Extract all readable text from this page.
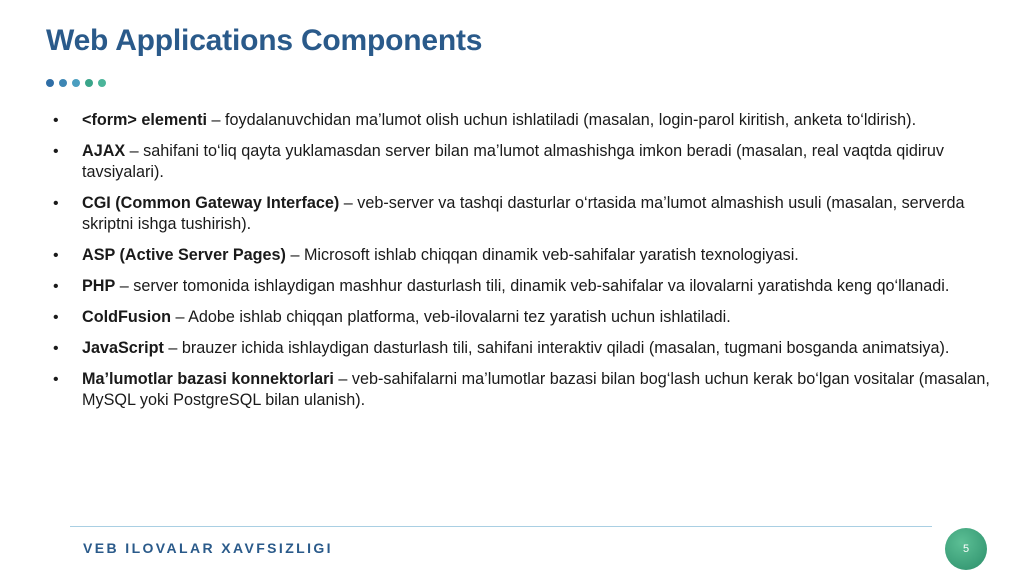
Web Applications Components
• <form> elementi – foydalanuvchidan ma’lumot olish uchun ishlatiladi (masalan, login-parol kiritish, anketa to‘ldirish).
• AJAX – sahifani to‘liq qayta yuklamasdan server bilan ma’lumot almashishga imkon beradi (masalan, real vaqtda qidiruv tavsiyalari).
• CGI (Common Gateway Interface) – veb-server va tashqi dasturlar o‘rtasida ma’lumot almashish usuli (masalan, serverda skriptni ishga tushirish).
• ASP (Active Server Pages) – Microsoft ishlab chiqqan dinamik veb-sahifalar yaratish texnologiyasi.
• PHP – server tomonida ishlaydigan mashhur dasturlash tili, dinamik veb-sahifalar va ilovalarni yaratishda keng qo‘llanadi.
• ColdFusion – Adobe ishlab chiqqan platforma, veb-ilovalarni tez yaratish uchun ishlatiladi.
• JavaScript – brauzer ichida ishlaydigan dasturlash tili, sahifani interaktiv qiladi (masalan, tugmani bosganda animatsiya).
• Ma’lumotlar bazasi konnektorlari – veb-sahifalarni ma’lumotlar bazasi bilan bog‘lash uchun kerak bo‘lgan vositalar (masalan, MySQL yoki PostgreSQL bilan ulanish).
VEB ILOVALAR XAVFSIZLIGI	5
